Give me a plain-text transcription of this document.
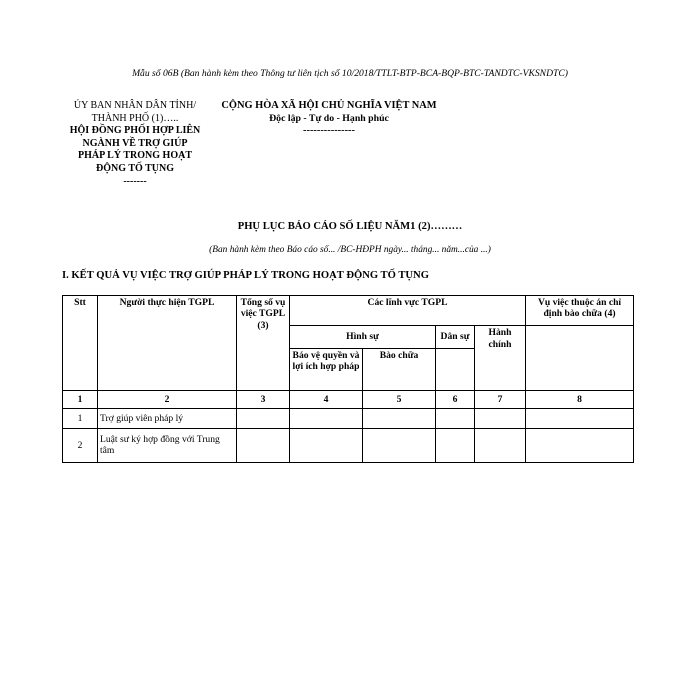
Mẫu số 06B (Ban hành kèm theo Thông tư liên tịch số 10/2018/TTLT-BTP-BCA-BQP-BTC-TANDTC-VKSNDTC)
ỦY BAN NHÂN DÂN TỈNH/
THÀNH PHỐ (1)…..
HỘI ĐỒNG PHỐI HỢP LIÊN
NGÀNH VỀ TRỢ GIÚP
PHÁP LÝ TRONG HOẠT
ĐỘNG TỐ TỤNG
-------
CỘNG HÒA XÃ HỘI CHỦ NGHĨA VIỆT NAM
Độc lập - Tự do - Hạnh phúc
---------------
PHỤ LỤC BÁO CÁO SỐ LIỆU NĂM1 (2)………
(Ban hành kèm theo Báo cáo số... /BC-HĐPH ngày... tháng... năm...của ...)
I. KẾT QUẢ VỤ VIỆC TRỢ GIÚP PHÁP LÝ TRONG HOẠT ĐỘNG TỐ TỤNG
Stt	Người thực hiện TGPL	Tổng số vụ việc TGPL (3)	Các lĩnh vực TGPL				Vụ việc thuộc án chỉ định bào chữa (4)
			Hình sự		Dân sự	Hành chính	
			Báo vệ quyền và lợi ích hợp pháp	Bào chữa			
1	2	3	4	5	6	7	8
1	Trợ giúp viên pháp lý						
2	Luật sư ký hợp đồng với Trung tâm						
